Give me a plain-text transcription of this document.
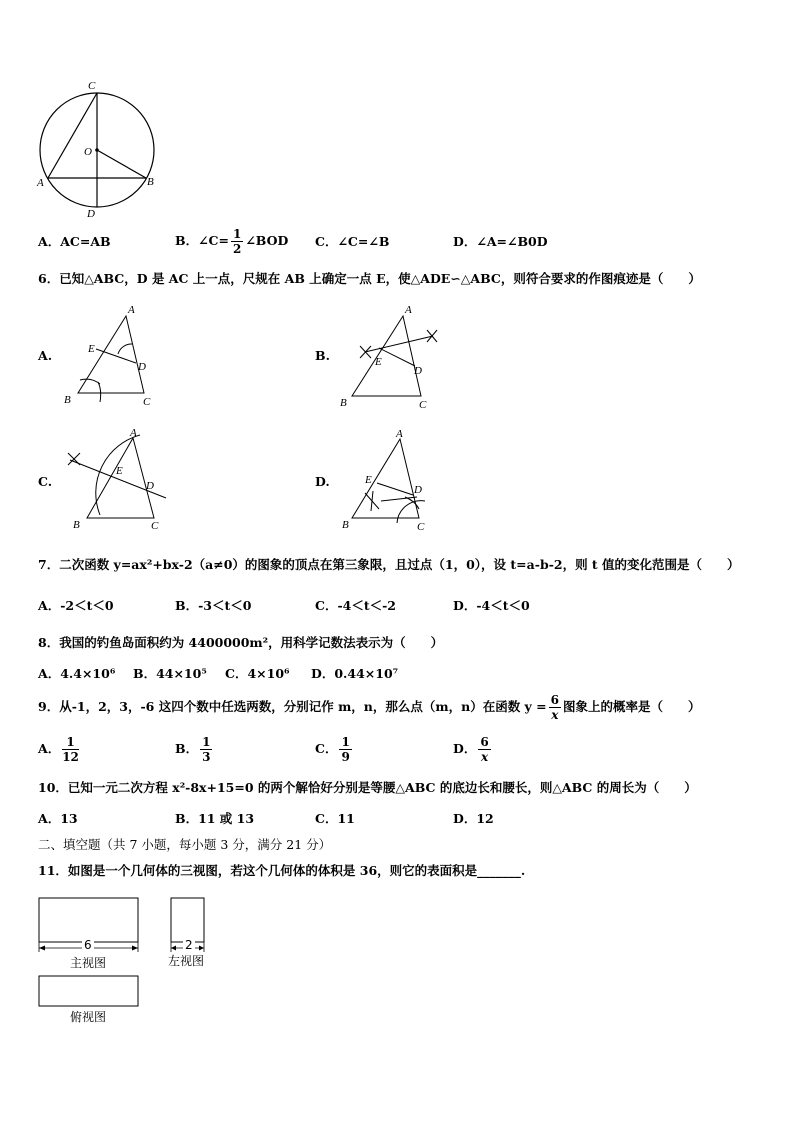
C
O
A	B
D
A．AC=AB	B．∠C= $\frac{1}{2}$ ∠BOD C．∠C=∠B	D．∠A=∠B0D
6．已知△ABC，D 是 AC 上一点，尺规在 AB 上确定一点 E，使△ADE∽△ABC，则符合要求的作图痕迹是（　　）
A.
A
E
D
B	C
B.
A
E
D
B	C
C.
A
E
D
B	C
D.
A
E
D
B	C
7．二次函数 y=ax²+bx-2（a≠0）的图象的顶点在第三象限，且过点（1，0），设 t=a-b-2，则 t 值的变化范围是（　　）
A．-2＜t＜0	B．-3＜t＜0	C．-4＜t＜-2	D．-4＜t＜0
8．我国的钓鱼岛面积约为 4400000m²，用科学记数法表示为（　　）
A．4.4×10⁶ B．44×10⁵ C．4×10⁶ D．0.44×10⁷
9．从-1，2，3，-6 这四个数中任选两数，分别记作 m，n，那么点（m，n）在函数 $y = \frac{6}{x}$ 图象上的概率是（　　）
A． $\frac{1}{12}$	B． $\frac{1}{3}$	C． $\frac{1}{9}$	D． $\frac{6}{x}$
10．已知一元二次方程 x²-8x+15=0 的两个解恰好分别是等腰△ABC 的底边长和腰长，则△ABC 的周长为（　　）
A．13	B．11 或 13	C．11	D．12
二、填空题（共 7 小题，每小题 3 分，满分 21 分）
11．如图是一个几何体的三视图，若这个几何体的体积是 36，则它的表面积是_______.
6	2
主视图	左视图
俯视图
